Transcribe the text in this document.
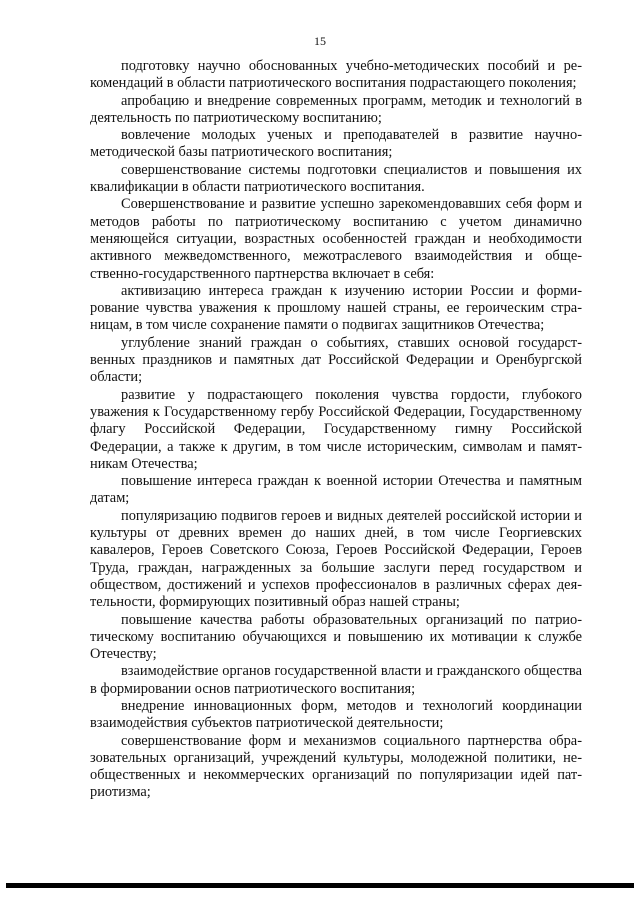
15

подготовку научно обоснованных учебно-методических пособий и рекомендаций в области патриотического воспитания подрастающего поколения;

апробацию и внедрение современных программ, методик и технологий в деятельность по патриотическому воспитанию;

вовлечение молодых ученых и преподавателей в развитие научнометодической базы патриотического воспитания;

совершенствование системы подготовки специалистов и повышения их квалификации в области патриотического воспитания.

Совершенствование и развитие успешно зарекомендовавших себя форм и методов работы по патриотическому воспитанию с учетом динамично меняющейся ситуации, возрастных особенностей граждан и необходимости активного межведомственного, межотраслевого взаимодействия и общественно-государственного партнерства включает в себя:

активизацию интереса граждан к изучению истории России и формирование чувства уважения к прошлому нашей страны, ее героическим страницам, в том числе сохранение памяти о подвигах защитников Отечества;

углубление знаний граждан о событиях, ставших основой государственных праздников и памятных дат Российской Федерации и Оренбургской области;

развитие у подрастающего поколения чувства гордости, глубокого уважения к Государственному гербу Российской Федерации, Государственному флагу Российской Федерации, Государственному гимну Российской Федерации, а также к другим, в том числе историческим, символам и памятникам Отечества;

повышение интереса граждан к военной истории Отечества и памятным датам;

популяризацию подвигов героев и видных деятелей российской истории и культуры от древних времен до наших дней, в том числе Георгиевских кавалеров, Героев Советского Союза, Героев Российской Федерации, Героев Труда, граждан, награжденных за большие заслуги перед государством и обществом, достижений и успехов профессионалов в различных сферах деятельности, формирующих позитивный образ нашей страны;

повышение качества работы образовательных организаций по патриотическому воспитанию обучающихся и повышению их мотивации к службе Отечеству;

взаимодействие органов государственной власти и гражданского общества в формировании основ патриотического воспитания;

внедрение инновационных форм, методов и технологий координации взаимодействия субъектов патриотической деятельности;

совершенствование форм и механизмов социального партнерства образовательных организаций, учреждений культуры, молодежной политики, необщественных и некоммерческих организаций по популяризации идей патриотизма;
